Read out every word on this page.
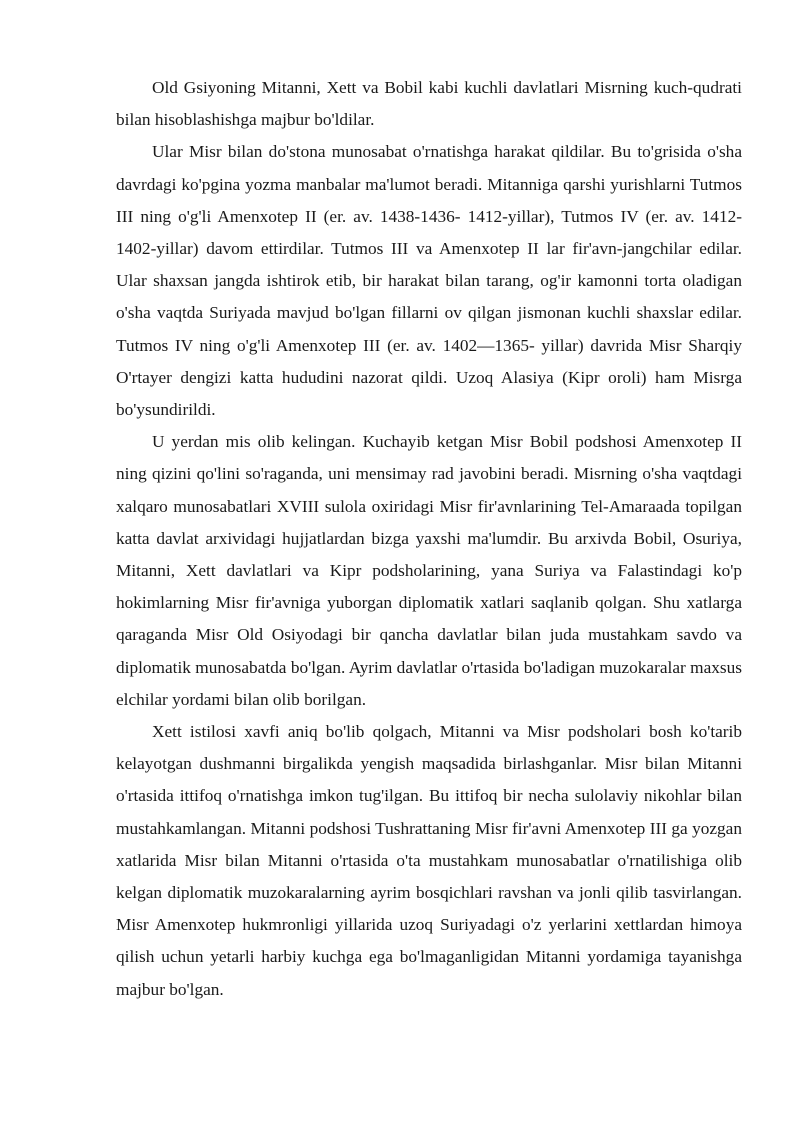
Old Gsiyoning Mitanni, Xett va Bobil kabi kuchli davlatlari Misrning kuch-qudrati bilan hisoblashishga majbur bo'ldilar.

Ular Misr bilan do'stona munosabat o'rnatishga harakat qildilar. Bu to'grisida o'sha davrdagi ko'pgina yozma manbalar ma'lumot beradi. Mitanniga qarshi yurishlarni Tutmos III ning o'g'li Amenxotep II (er. av. 1438-1436- 1412-yillar), Tutmos IV (er. av. 1412- 1402-yillar) davom ettirdilar. Tutmos III va Amenxotep II lar fir'avn-jangchilar edilar. Ular shaxsan jangda ishtirok etib, bir harakat bilan tarang, og'ir kamonni torta oladigan o'sha vaqtda Suriyada mavjud bo'lgan fillarni ov qilgan jismonan kuchli shaxslar edilar. Tutmos IV ning o'g'li Amenxotep III (er. av. 1402—1365- yillar) davrida Misr Sharqiy O'rtayer dengizi katta hududini nazorat qildi. Uzoq Alasiya (Kipr oroli) ham Misrga bo'ysundirildi.

U yerdan mis olib kelingan. Kuchayib ketgan Misr Bobil podshosi Amenxotep II ning qizini qo'lini so'raganda, uni mensimay rad javobini beradi. Misrning o'sha vaqtdagi xalqaro munosabatlari XVIII sulola oxiridagi Misr fir'avnlarining Tel-Amaraada topilgan katta davlat arxividagi hujjatlardan bizga yaxshi ma'lumdir. Bu arxivda Bobil, Osuriya, Mitanni, Xett davlatlari va Kipr podsholarining, yana Suriya va Falastindagi ko'p hokimlarning Misr fir'avniga yuborgan diplomatik xatlari saqlanib qolgan. Shu xatlarga qaraganda Misr Old Osiyodagi bir qancha davlatlar bilan juda mustahkam savdo va diplomatik munosabatda bo'lgan. Ayrim davlatlar o'rtasida bo'ladigan muzokaralar maxsus elchilar yordami bilan olib borilgan.

Xett istilosi xavfi aniq bo'lib qolgach, Mitanni va Misr podsholari bosh ko'tarib kelayotgan dushmanni birgalikda yengish maqsadida birlashganlar. Misr bilan Mitanni o'rtasida ittifoq o'rnatishga imkon tug'ilgan. Bu ittifoq bir necha sulolaviy nikohlar bilan mustahkamlangan. Mitanni podshosi Tushrattaning Misr fir'avni Amenxotep III ga yozgan xatlarida Misr bilan Mitanni o'rtasida o'ta mustahkam munosabatlar o'rnatilishiga olib kelgan diplomatik muzokaralarning ayrim bosqichlari ravshan va jonli qilib tasvirlangan. Misr Amenxotep hukmronligi yillarida uzoq Suriyadagi o'z yerlarini xettlardan himoya qilish uchun yetarli harbiy kuchga ega bo'lmaganligidan Mitanni yordamiga tayanishga majbur bo'lgan.
